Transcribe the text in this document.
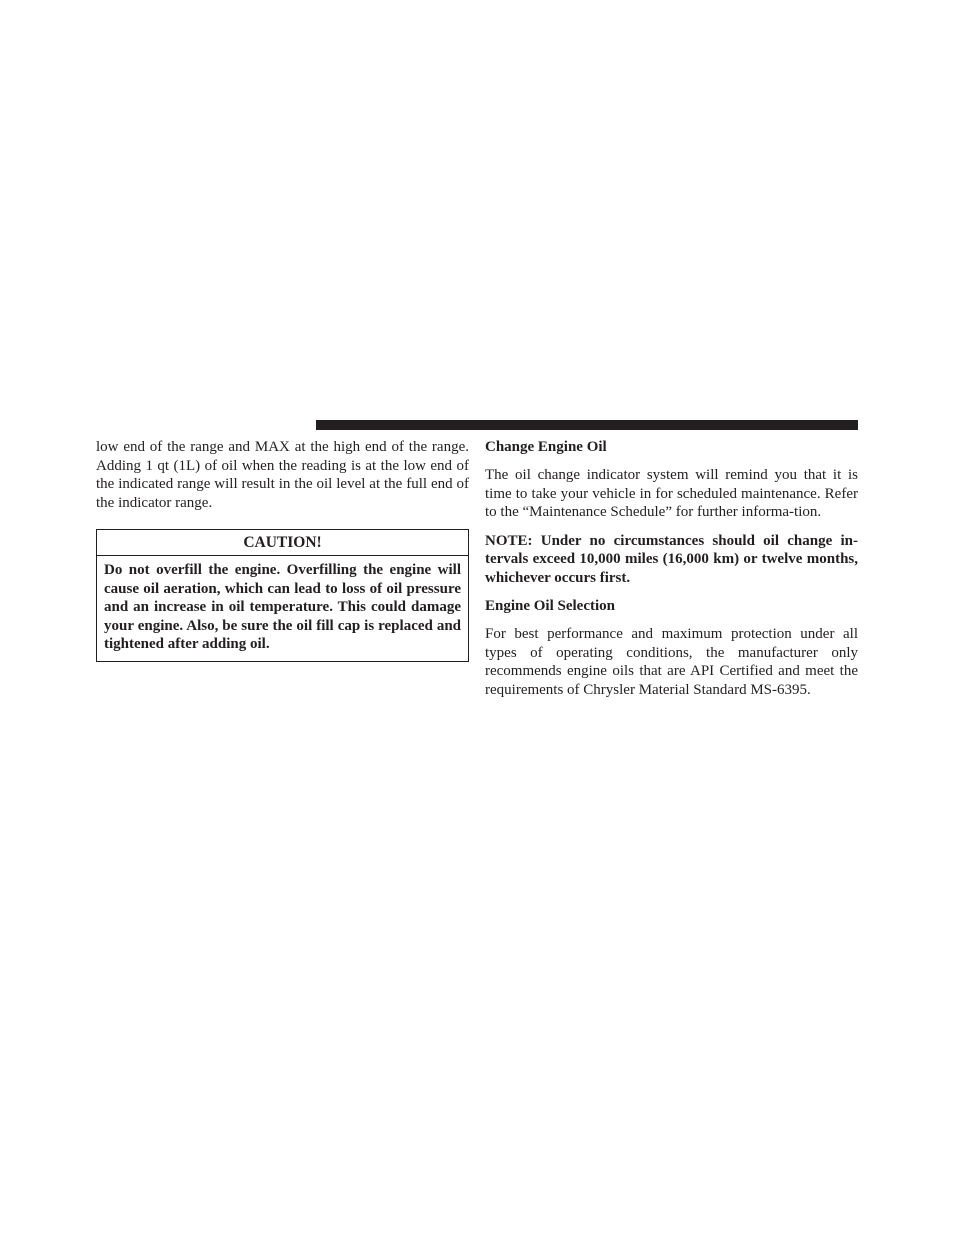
low end of the range and MAX at the high end of the range. Adding 1 qt (1L) of oil when the reading is at the low end of the indicated range will result in the oil level at the full end of the indicator range.

CAUTION!
Do not overfill the engine. Overfilling the engine will cause oil aeration, which can lead to loss of oil pressure and an increase in oil temperature. This could damage your engine. Also, be sure the oil fill cap is replaced and tightened after adding oil.
Change Engine Oil

The oil change indicator system will remind you that it is time to take your vehicle in for scheduled maintenance. Refer to the “Maintenance Schedule” for further informa-tion.

NOTE: Under no circumstances should oil change in-tervals exceed 10,000 miles (16,000 km) or twelve months, whichever occurs first.

Engine Oil Selection

For best performance and maximum protection under all types of operating conditions, the manufacturer only recommends engine oils that are API Certified and meet the requirements of Chrysler Material Standard MS-6395.
